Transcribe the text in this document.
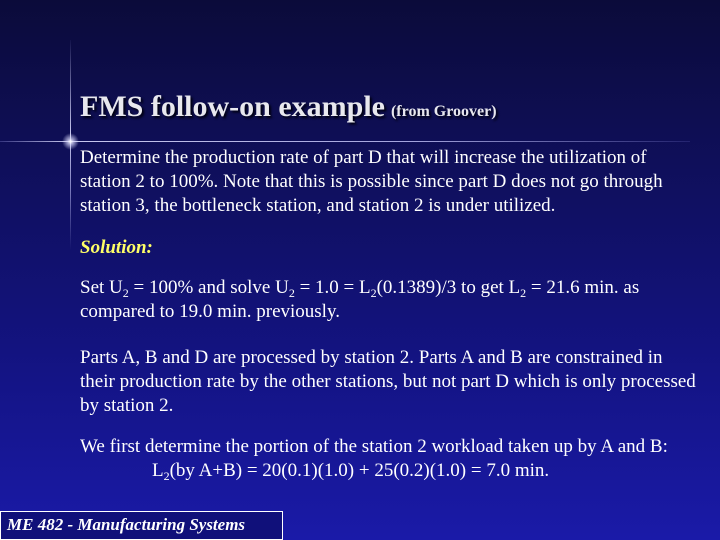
FMS follow-on example (from Groover)
Determine the production rate of part D that will increase the utilization of station 2 to 100%. Note that this is possible since part D does not go through station 3, the bottleneck station, and station 2 is under utilized.
Solution:
Set $U_2 = 100\%$ and solve $U_2 = 1.0 = L_2(0.1389)/3$ to get $L_2 = 21.6$ min. as compared to 19.0 min. previously.
Parts A, B and D are processed by station 2. Parts A and B are constrained in their production rate by the other stations, but not part D which is only processed by station 2.
We first determine the portion of the station 2 workload taken up by A and B:
$L_2(by$ A+B) = 20(0.1)(1.0) + 25(0.2)(1.0) = 7.0 min.
ME 482 - Manufacturing Systems
